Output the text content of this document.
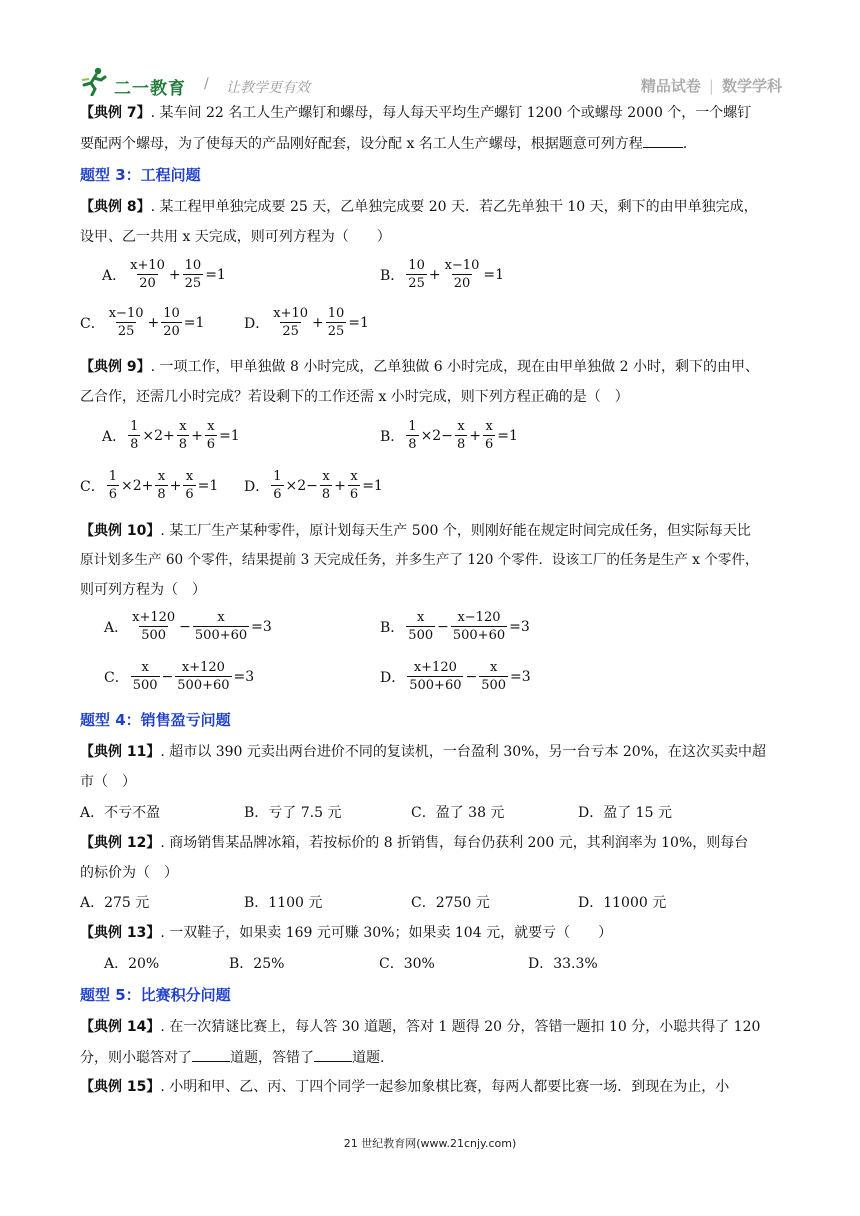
二一教育 / 让教学更有效	精品试卷 | 数学学科
【典例 7】. 某车间 22 名工人生产螺钉和螺母，每人每天平均生产螺钉 1200 个或螺母 2000 个，一个螺钉
要配两个螺母，为了使每天的产品刚好配套，设分配 x 名工人生产螺母，根据题意可列方程	.
题型 3：工程问题
【典例 8】. 某工程甲单独完成要 25 天，乙单独完成要 20 天．若乙先单独干 10 天，剩下的由甲单独完成，
设甲、乙一共用 x 天完成，则可列方程为（　　）
A． $\frac{x+10}{20} + \frac{10}{25} =1$	B． $\frac{10}{25} + \frac{x-10}{20} =1$
C． $\frac{x-10}{25} + \frac{10}{20} =1$	D． $\frac{x+10}{25} + \frac{10}{25} =1$
【典例 9】. 一项工作，甲单独做 8 小时完成，乙单独做 6 小时完成，现在由甲单独做 2 小时，剩下的由甲、
乙合作，还需几小时完成？若设剩下的工作还需 x 小时完成，则下列方程正确的是（　）
A． $\frac{1}{8} \times 2+ \frac{x}{8} + \frac{x}{6} =1$	B． $\frac{1}{8} \times 2- \frac{x}{8} + \frac{x}{6} =1$
C． $\frac{1}{6} \times 2+ \frac{x}{8} + \frac{x}{6} =1$ D． $\frac{1}{6} \times 2- \frac{x}{8} + \frac{x}{6} =1$
【典例 10】. 某工厂生产某种零件，原计划每天生产 500 个，则刚好能在规定时间完成任务，但实际每天比
原计划多生产 60 个零件，结果提前 3 天完成任务，并多生产了 120 个零件．设该工厂的任务是生产 x 个零件，
则可列方程为（　）
A． $\frac{x+120}{500} - \frac{x}{500+60} =3$	B． $\frac{x}{500} - \frac{x-120}{500+60} =3$
C． $\frac{x}{500} - \frac{x+120}{500+60} =3$	D． $\frac{x+120}{500+60} - \frac{x}{500} =3$
题型 4：销售盈亏问题
【典例 11】. 超市以 390 元卖出两台进价不同的复读机，一台盈利 30%，另一台亏本 20%，在这次买卖中超
市（　）
A．不亏不盈	B．亏了 7.5 元	C．盈了 38 元	D．盈了 15 元
【典例 12】. 商场销售某品牌冰箱，若按标价的 8 折销售，每台仍获利 200 元，其利润率为 10%，则每台
的标价为（　）
A．275 元	B．1100 元	C．2750 元	D．11000 元
【典例 13】. 一双鞋子，如果卖 169 元可赚 30%；如果卖 104 元，就要亏（　　）
A．20%	B．25%	C．30%	D．33.3%
题型 5：比赛积分问题
【典例 14】. 在一次猜谜比赛上，每人答 30 道题，答对 1 题得 20 分，答错一题扣 10 分，小聪共得了 120
分，则小聪答对了	道题，答错了	道题.
【典例 15】. 小明和甲、乙、丙、丁四个同学一起参加象棋比赛，每两人都要比赛一场．到现在为止，小
21 世纪教育网(www.21cnjy.com)
